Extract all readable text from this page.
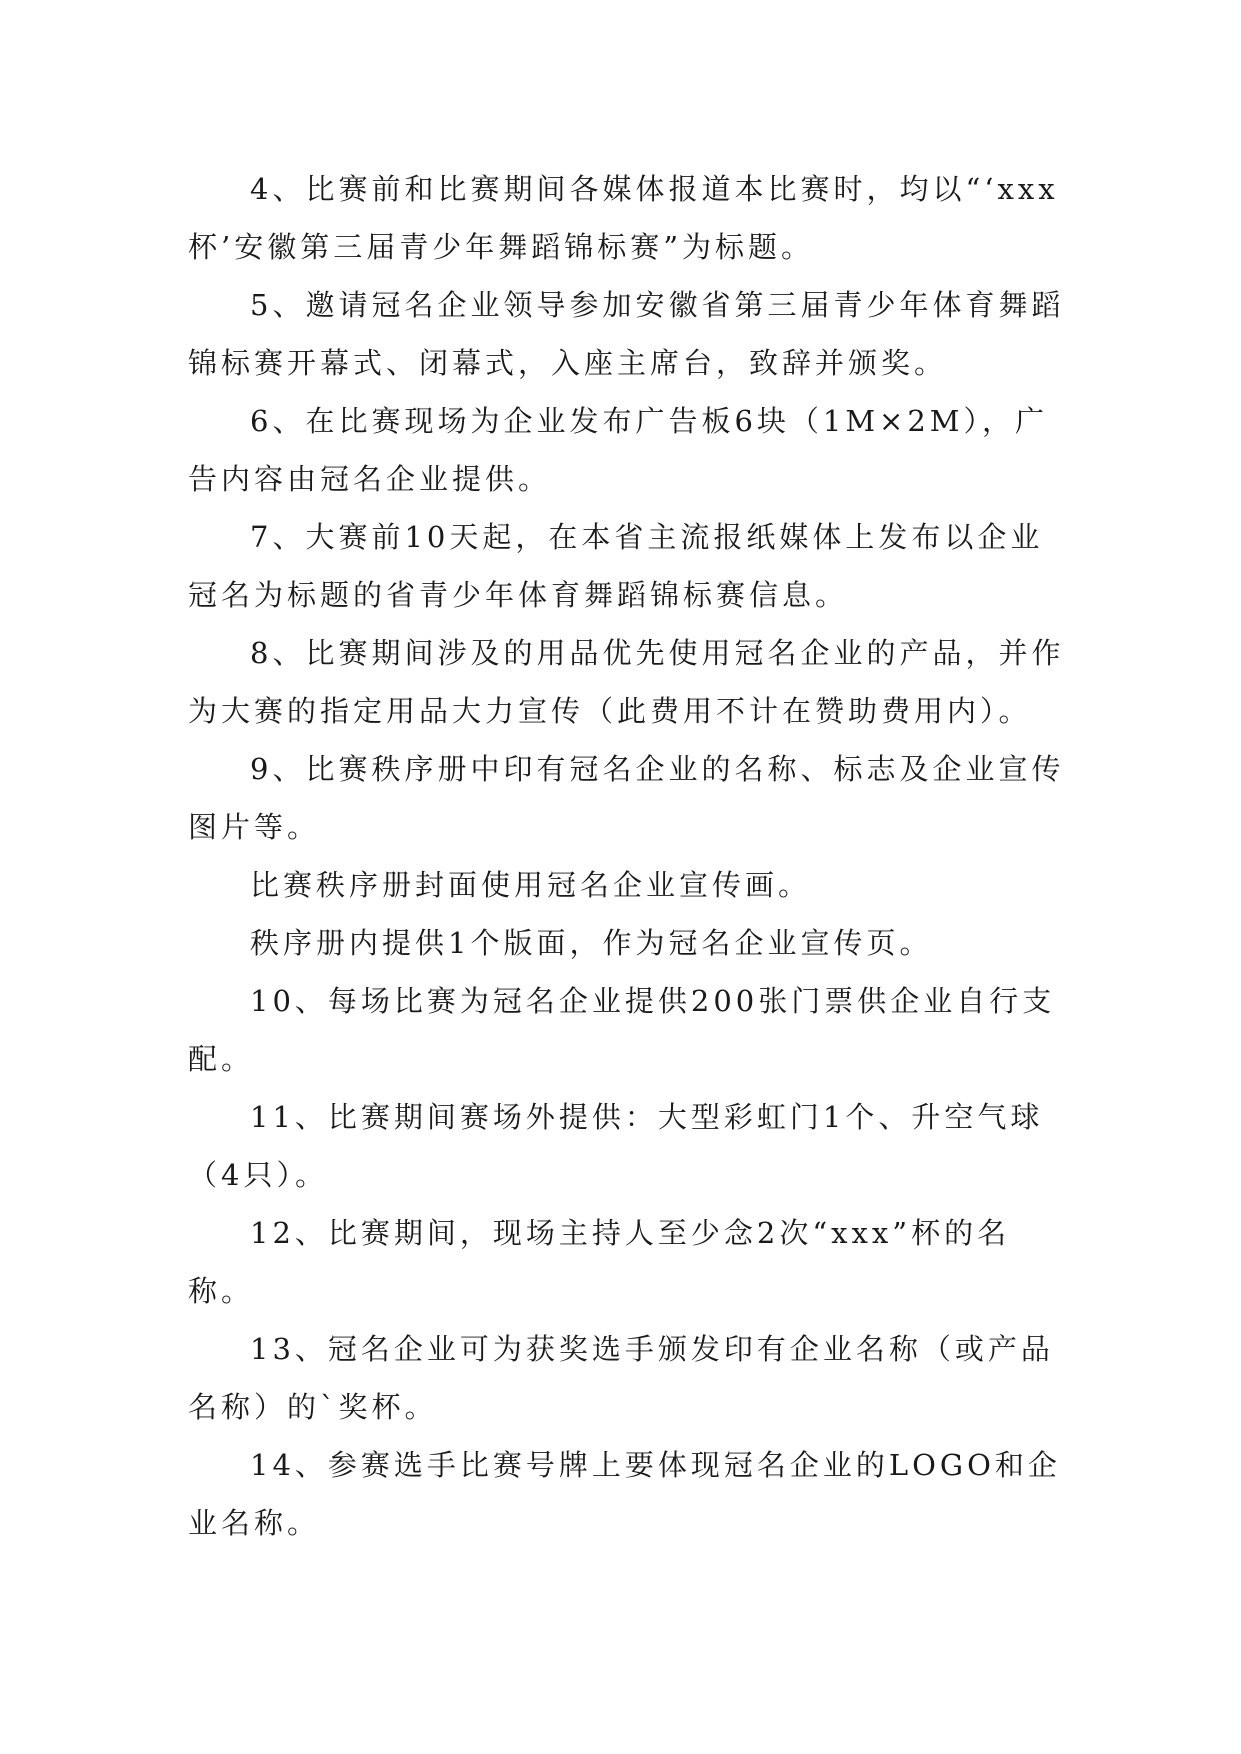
4、比赛前和比赛期间各媒体报道本比赛时，均以“‘xxx杯’安徽第三届青少年舞蹈锦标赛”为标题。

5、邀请冠名企业领导参加安徽省第三届青少年体育舞蹈锦标赛开幕式、闭幕式，入座主席台，致辞并颁奖。

6、在比赛现场为企业发布广告板6块（1M×2M），广告内容由冠名企业提供。

7、大赛前10天起，在本省主流报纸媒体上发布以企业冠名为标题的省青少年体育舞蹈锦标赛信息。

8、比赛期间涉及的用品优先使用冠名企业的产品，并作为大赛的指定用品大力宣传（此费用不计在赞助费用内）。

9、比赛秩序册中印有冠名企业的名称、标志及企业宣传图片等。

比赛秩序册封面使用冠名企业宣传画。

秩序册内提供1个版面，作为冠名企业宣传页。

10、每场比赛为冠名企业提供200张门票供企业自行支配。

11、比赛期间赛场外提供：大型彩虹门1个、升空气球（4只）。

12、比赛期间，现场主持人至少念2次“xxx”杯的名称。

13、冠名企业可为获奖选手颁发印有企业名称（或产品名称）的`奖杯。

14、参赛选手比赛号牌上要体现冠名企业的LOGO和企业名称。
